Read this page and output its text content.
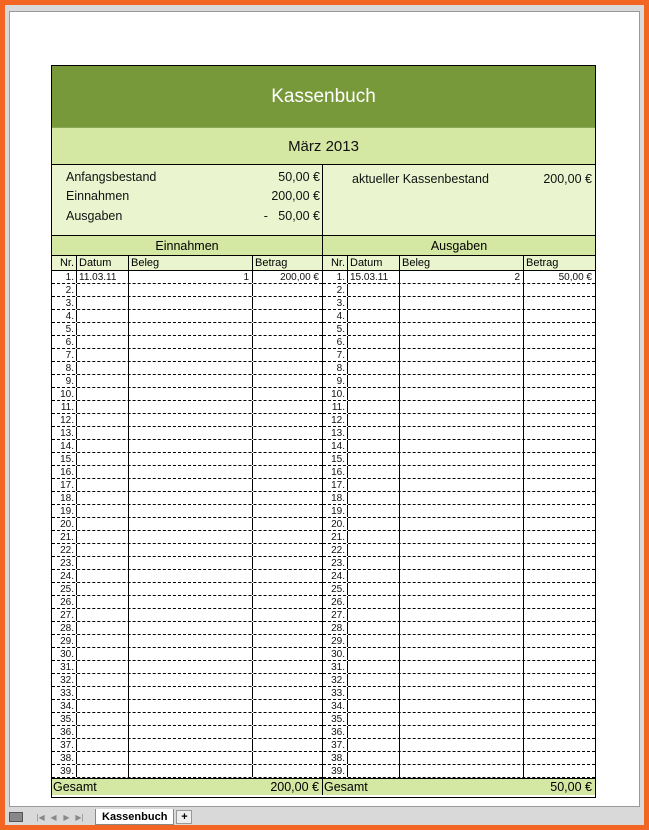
Kassenbuch
März 2013
Anfangsbestand	50,00 €
Einnahmen	200,00 €
Ausgaben	-   50,00 €
aktueller Kassenbestand	200,00 €
Einnahmen	Ausgaben
Nr. Datum	Beleg	Betrag
1. 11.03.11	1	200,00 €
2.
3.
4.
5.
6.
7.
8.
9.
10.
11.
12.
13.
14.
15.
16.
17.
18.
19.
20.
21.
22.
23.
24.
25.
26.
27.
28.
29.
30.
31.
32.
33.
34.
35.
36.
37.
38.
39.
Nr. Datum	Beleg	Betrag
1. 15.03.11	2	50,00 €
2.
3.
4.
5.
6.
7.
8.
9.
10.
11.
12.
13.
14.
15.
16.
17.
18.
19.
20.
21.
22.
23.
24.
25.
26.
27.
28.
29.
30.
31.
32.
33.
34.
35.
36.
37.
38.
39.
Gesamt	200,00 € Gesamt	50,00 €
|◀ ◀ ▶ ▶|	Kassenbuch	+
